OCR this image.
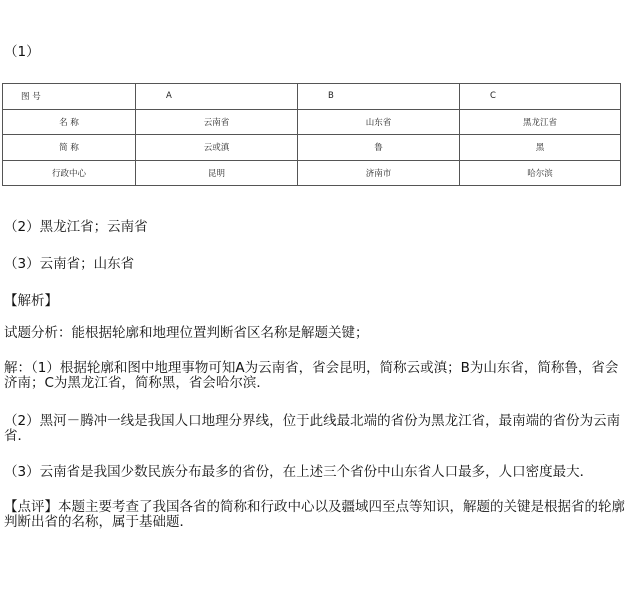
（1）
图 号	A	B	C
名 称	云南省	山东省	黑龙江省
简 称	云或滇	鲁	黑
行政中心	昆明	济南市	哈尔滨
（2）黑龙江省；云南省
（3）云南省；山东省
【解析】
试题分析：能根据轮廓和地理位置判断省区名称是解题关键；
解：（1）根据轮廓和图中地理事物可知A为云南省，省会昆明，简称云或滇；B为山东省，简称鲁，省会济南；C为黑龙江省，简称黑，省会哈尔滨．
（2）黑河－腾冲一线是我国人口地理分界线，位于此线最北端的省份为黑龙江省，最南端的省份为云南省．
（3）云南省是我国少数民族分布最多的省份，在上述三个省份中山东省人口最多，人口密度最大．
【点评】本题主要考查了我国各省的简称和行政中心以及疆域四至点等知识，解题的关键是根据省的轮廓判断出省的名称，属于基础题．
